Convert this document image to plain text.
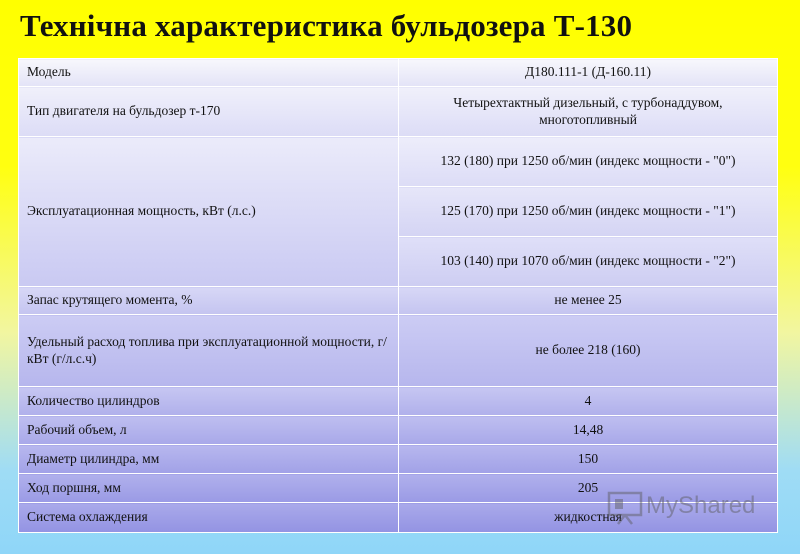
Технічна характеристика бульдозера Т-130
Модель	Д180.111-1 (Д-160.11)
Тип двигателя на бульдозер т-170	Четырехтактный дизельный, с турбонаддувом, многотопливный
Эксплуатационная мощность, кВт (л.с.)	132 (180) при 1250 об/мин (индекс мощности - "0")
	125 (170) при 1250 об/мин (индекс мощности - "1")
	103 (140) при 1070 об/мин (индекс мощности - "2")
Запас крутящего момента, %	не менее 25
Удельный расход топлива при эксплуатационной мощности, г/кВт (г/л.с.ч)	не более 218 (160)
Количество цилиндров	4
Рабочий объем, л	14,48
Диаметр цилиндра, мм	150
Ход поршня, мм	205
Система охлаждения	жидкостная MyShared
